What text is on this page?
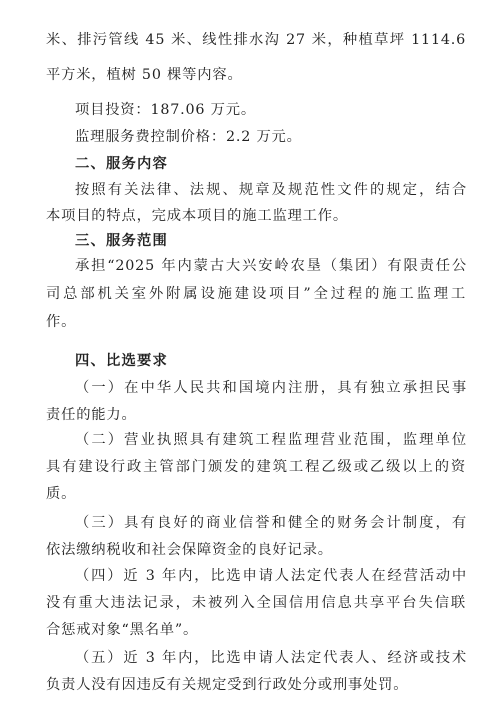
米、排污管线 45 米、线性排水沟 27 米，种植草坪 1114.6
平方米，植树 50 棵等内容。
项目投资：187.06 万元。
监理服务费控制价格：2.2 万元。
二、服务内容
按照有关法律、法规、规章及规范性文件的规定，结合
本项目的特点，完成本项目的施工监理工作。
三、服务范围
承担“2025 年内蒙古大兴安岭农垦（集团）有限责任公
司总部机关室外附属设施建设项目”全过程的施工监理工
作。
四、比选要求
（一）在中华人民共和国境内注册，具有独立承担民事
责任的能力。
（二）营业执照具有建筑工程监理营业范围，监理单位
具有建设行政主管部门颁发的建筑工程乙级或乙级以上的资
质。
（三）具有良好的商业信誉和健全的财务会计制度，有
依法缴纳税收和社会保障资金的良好记录。
（四）近 3 年内，比选申请人法定代表人在经营活动中
没有重大违法记录，未被列入全国信用信息共享平台失信联
合惩戒对象“黑名单”。
（五）近 3 年内，比选申请人法定代表人、经济或技术
负责人没有因违反有关规定受到行政处分或刑事处罚。
